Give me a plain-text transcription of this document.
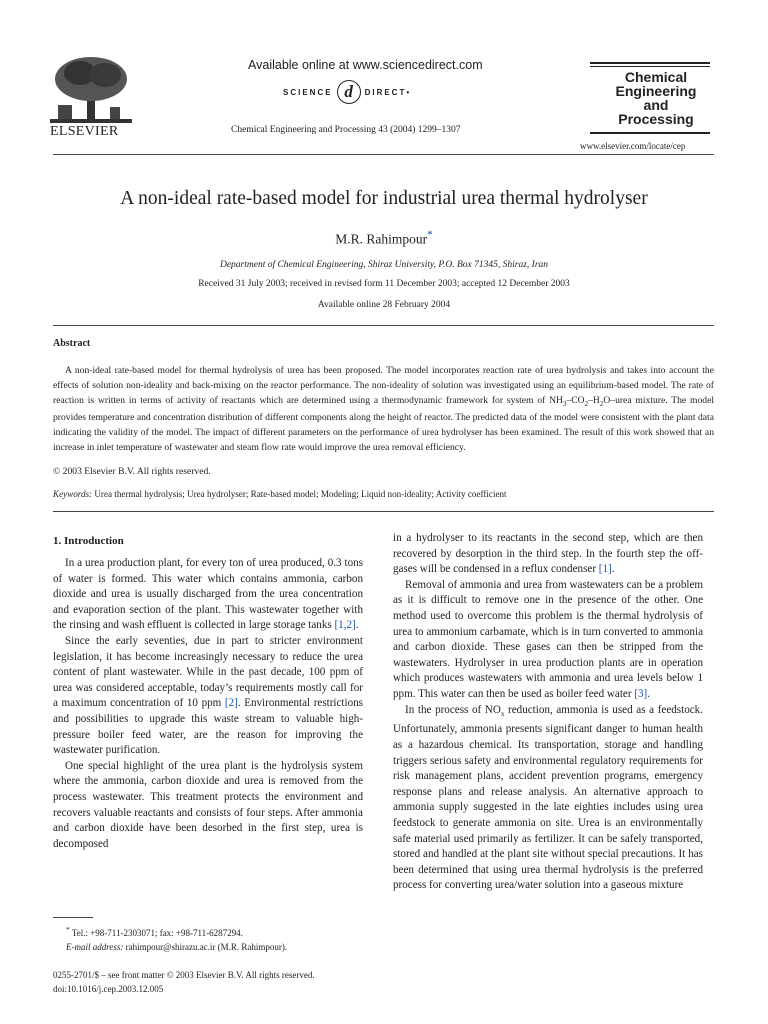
ELSEVIER
Available online at www.sciencedirect.com
SCIENCE d	DIRECT•
Chemical Engineering and Processing 43 (2004) 1299–1307
Chemical
Engineering
and
Processing
www.elsevier.com/locate/cep
A non-ideal rate-based model for industrial urea thermal hydrolyser
M.R. Rahimpour*
Department of Chemical Engineering, Shiraz University, P.O. Box 71345, Shiraz, Iran
Received 31 July 2003; received in revised form 11 December 2003; accepted 12 December 2003
Available online 28 February 2004
Abstract
A non-ideal rate-based model for thermal hydrolysis of urea has been proposed. The model incorporates reaction rate of urea hydrolysis and takes into account the effects of solution non-ideality and back-mixing on the reactor performance. The non-ideality of solution was investigated using an equilibrium-based model. The rate of reaction is written in terms of activity of reactants which are determined using a thermodynamic framework for system of $NH_3-CO_2-H_2O$–urea mixture. The model provides temperature and concentration distribution of different components along the height of reactor. The predicted data of the model were consistent with the plant data indicating the validity of the model. The impact of different parameters on the performance of urea hydrolyser has been examined. The result of this work showed that an increase in inlet temperature of wastewater and steam flow rate would improve the urea removal efficiency.
© 2003 Elsevier B.V. All rights reserved.
Keywords: Urea thermal hydrolysis; Urea hydrolyser; Rate-based model; Modeling; Liquid non-ideality; Activity coefficient
1. Introduction

In a urea production plant, for every ton of urea produced, 0.3 tons of water is formed. This water which contains ammonia, carbon dioxide and urea is usually discharged from the urea concentration and evaporation section of the plant. This wastewater together with the rinsing and wash effluent is collected in large storage tanks [1,2].

Since the early seventies, due in part to stricter environment legislation, it has become increasingly necessary to reduce the urea content of plant wastewater. While in the past decade, 100 ppm of urea was considered acceptable, today’s requirements mostly call for a maximum concentration of 10 ppm [2]. Environmental restrictions and possibilities to upgrade this waste stream to valuable high-pressure boiler feed water, are the reason for improving the wastewater purification.

One special highlight of the urea plant is the hydrolysis system where the ammonia, carbon dioxide and urea is removed from the process wastewater. This treatment protects the environment and recovers valuable reactants and consists of four steps. After ammonia and carbon dioxide have been desorbed in the first step, urea is decomposed

in a hydrolyser to its reactants in the second step, which are then recovered by desorption in the third step. In the fourth step the off-gases will be condensed in a reflux condenser [1].

Removal of ammonia and urea from wastewaters can be a problem as it is difficult to remove one in the presence of the other. One method used to overcome this problem is the thermal hydrolysis of urea to ammonium carbamate, which is in turn converted to ammonia and carbon dioxide. These gases can then be stripped from the wastewaters. Hydrolyser in urea production plants are in operation which produces wastewaters with ammonia and urea levels below 1 ppm. This water can then be used as boiler feed water [3].

In the process of $NO_x$ reduction, ammonia is used as a feedstock. Unfortunately, ammonia presents significant danger to human health as a hazardous chemical. Its transportation, storage and handling triggers serious safety and environmental regulatory requirements for risk management plans, accident prevention programs, emergency response plans and release analysis. An alternative approach to ammonia supply suggested in the late eighties includes using urea feedstock to generate ammonia on site. Urea is an environmentally safe material used primarily as fertilizer. It can be safely transported, stored and handled at the plant site without special precautions. It has been determined that using urea thermal hydrolysis is the preferred process for converting urea/water solution into a gaseous mixture

* Tel.: +98-711-2303071; fax: +98-711-6287294.
E-mail address: rahimpour@shirazu.ac.ir (M.R. Rahimpour).
0255-2701/$ – see front matter © 2003 Elsevier B.V. All rights reserved.
doi:10.1016/j.cep.2003.12.005
